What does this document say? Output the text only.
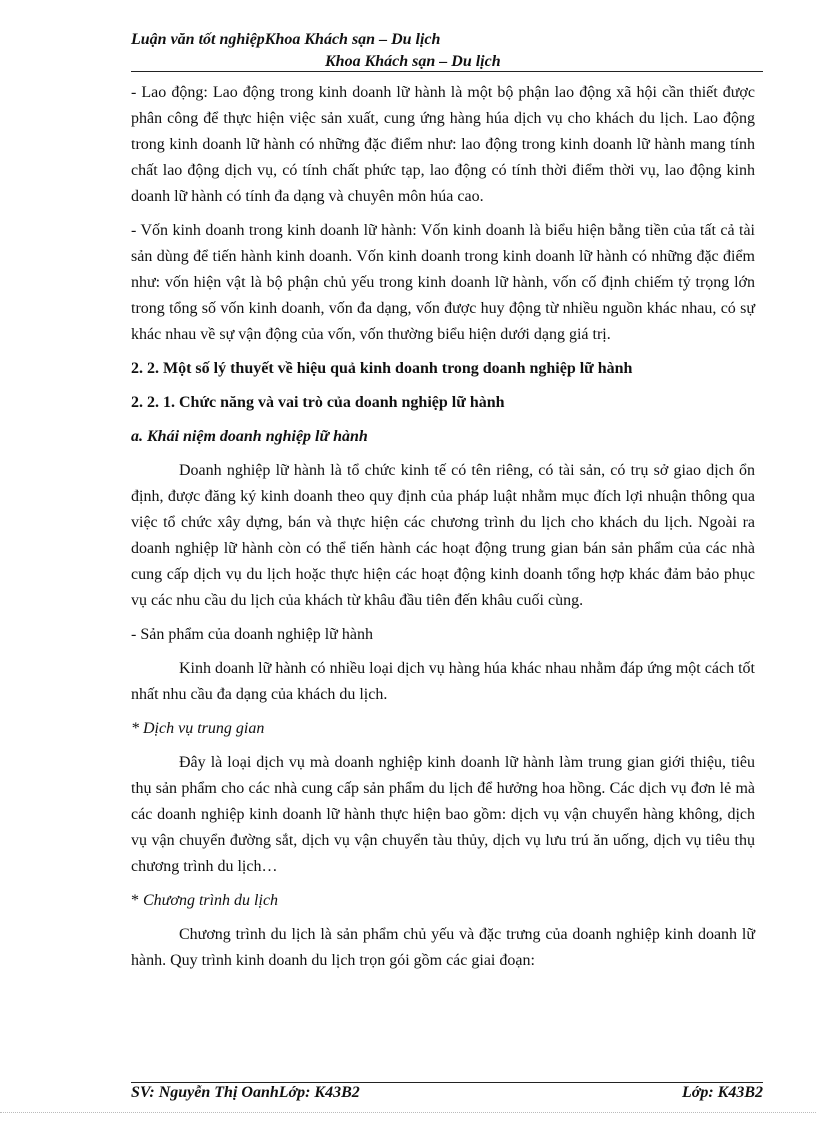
Luận văn tốt nghiệpKhoa Khách sạn – Du lịch
Khoa Khách sạn – Du lịch

- Lao động: Lao động trong kinh doanh lữ hành là một bộ phận lao động xã hội cần thiết được phân công để thực hiện việc sản xuất, cung ứng hàng húa dịch vụ cho khách du lịch. Lao động trong kinh doanh lữ hành có những đặc điểm như: lao động trong kinh doanh lữ hành mang tính chất lao động dịch vụ, có tính chất phức tạp, lao động có tính thời điểm thời vụ, lao động kinh doanh lữ hành có tính đa dạng và chuyên môn húa cao.

- Vốn kinh doanh trong kinh doanh lữ hành: Vốn kinh doanh là biểu hiện bằng tiền của tất cả tài sản dùng để tiến hành kinh doanh. Vốn kinh doanh trong kinh doanh lữ hành có những đặc điểm như: vốn hiện vật là bộ phận chủ yếu trong kinh doanh lữ hành, vốn cố định chiếm tỷ trọng lớn trong tổng số vốn kinh doanh, vốn đa dạng, vốn được huy động từ nhiều nguồn khác nhau, có sự khác nhau về sự vận động của vốn, vốn thường biểu hiện dưới dạng giá trị.

2. 2. Một số lý thuyết về hiệu quả kinh doanh trong doanh nghiệp lữ hành

2. 2. 1. Chức năng và vai trò của doanh nghiệp lữ hành

a. Khái niệm doanh nghiệp lữ hành

Doanh nghiệp lữ hành là tổ chức kinh tế có tên riêng, có tài sản, có trụ sở giao dịch ổn định, được đăng ký kinh doanh theo quy định của pháp luật nhằm mục đích lợi nhuận thông qua việc tổ chức xây dựng, bán và thực hiện các chương trình du lịch cho khách du lịch. Ngoài ra doanh nghiệp lữ hành còn có thể tiến hành các hoạt động trung gian bán sản phẩm của các nhà cung cấp dịch vụ du lịch hoặc thực hiện các hoạt động kinh doanh tổng hợp khác đảm bảo phục vụ các nhu cầu du lịch của khách từ khâu đầu tiên đến khâu cuối cùng.

- Sản phẩm của doanh nghiệp lữ hành

Kinh doanh lữ hành có nhiều loại dịch vụ hàng húa khác nhau nhằm đáp ứng một cách tốt nhất nhu cầu đa dạng của khách du lịch.

* Dịch vụ trung gian

Đây là loại dịch vụ mà doanh nghiệp kinh doanh lữ hành làm trung gian giới thiệu, tiêu thụ sản phẩm cho các nhà cung cấp sản phẩm du lịch để hưởng hoa hồng. Các dịch vụ đơn lẻ mà các doanh nghiệp kinh doanh lữ hành thực hiện bao gồm: dịch vụ vận chuyển hàng không, dịch vụ vận chuyển đường sắt, dịch vụ vận chuyển tàu thủy, dịch vụ lưu trú ăn uống, dịch vụ tiêu thụ chương trình du lịch…

* Chương trình du lịch

Chương trình du lịch là sản phẩm chủ yếu và đặc trưng của doanh nghiệp kinh doanh lữ hành. Quy trình kinh doanh du lịch trọn gói gồm các giai đoạn:

SV: Nguyễn Thị OanhLớp: K43B2	Lớp: K43B2
